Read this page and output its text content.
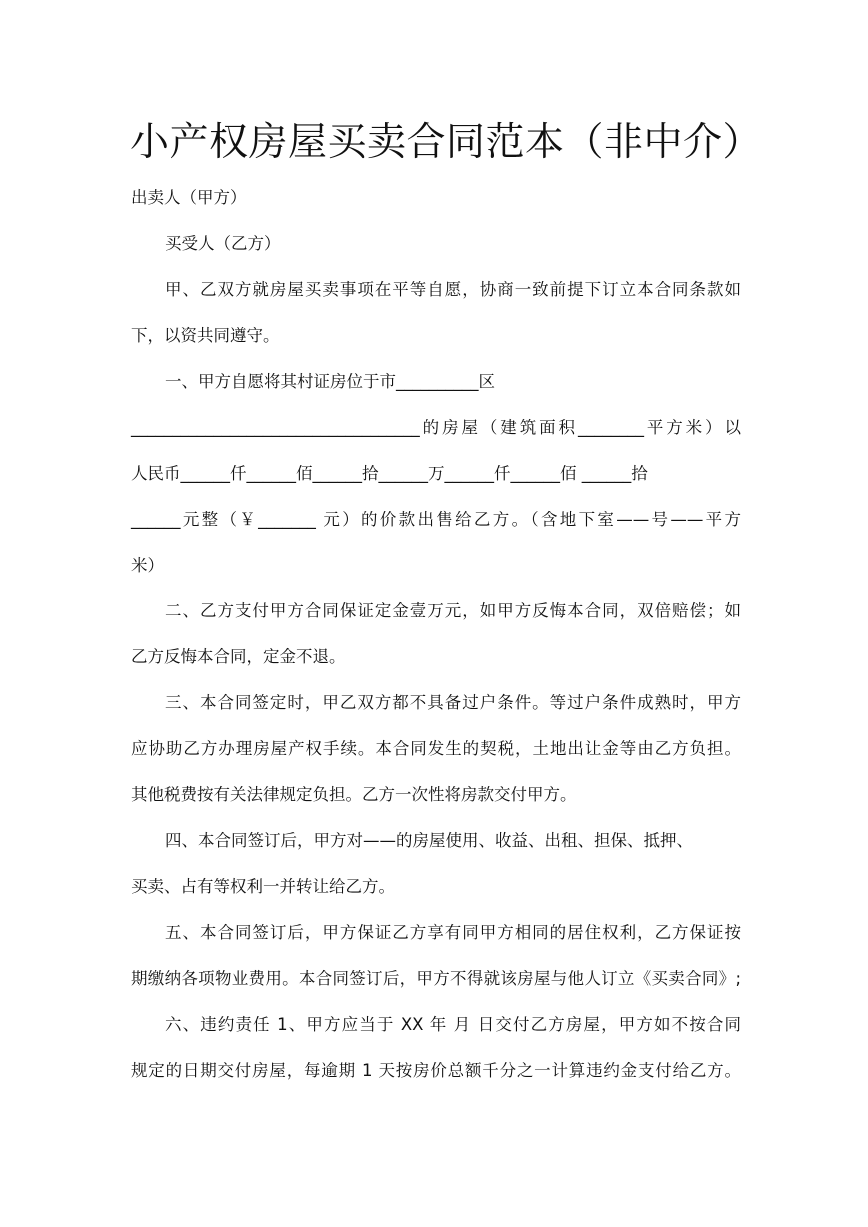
小产权房屋买卖合同范本（非中介）

出卖人（甲方）

买受人（乙方）

甲、乙双方就房屋买卖事项在平等自愿，协商一致前提下订立本合同条款如

下，以资共同遵守。

一、甲方自愿将其村证房位于市__________区

___________________________________的房屋（建筑面积________平方米）以

人民币______仟______佰______拾______万______仟______佰 ______拾

______元整（￥_______ 元）的价款出售给乙方。（含地下室——号——平方

米）

二、乙方支付甲方合同保证定金壹万元，如甲方反悔本合同，双倍赔偿；如

乙方反悔本合同，定金不退。

三、本合同签定时，甲乙双方都不具备过户条件。等过户条件成熟时，甲方

应协助乙方办理房屋产权手续。本合同发生的契税，土地出让金等由乙方负担。

其他税费按有关法律规定负担。乙方一次性将房款交付甲方。

四、本合同签订后，甲方对——的房屋使用、收益、出租、担保、抵押、

买卖、占有等权利一并转让给乙方。

五、本合同签订后，甲方保证乙方享有同甲方相同的居住权利，乙方保证按

期缴纳各项物业费用。本合同签订后，甲方不得就该房屋与他人订立《买卖合同》;

六、违约责任 1、甲方应当于 XX 年 月 日交付乙方房屋，甲方如不按合同

规定的日期交付房屋，每逾期 1 天按房价总额千分之一计算违约金支付给乙方。
